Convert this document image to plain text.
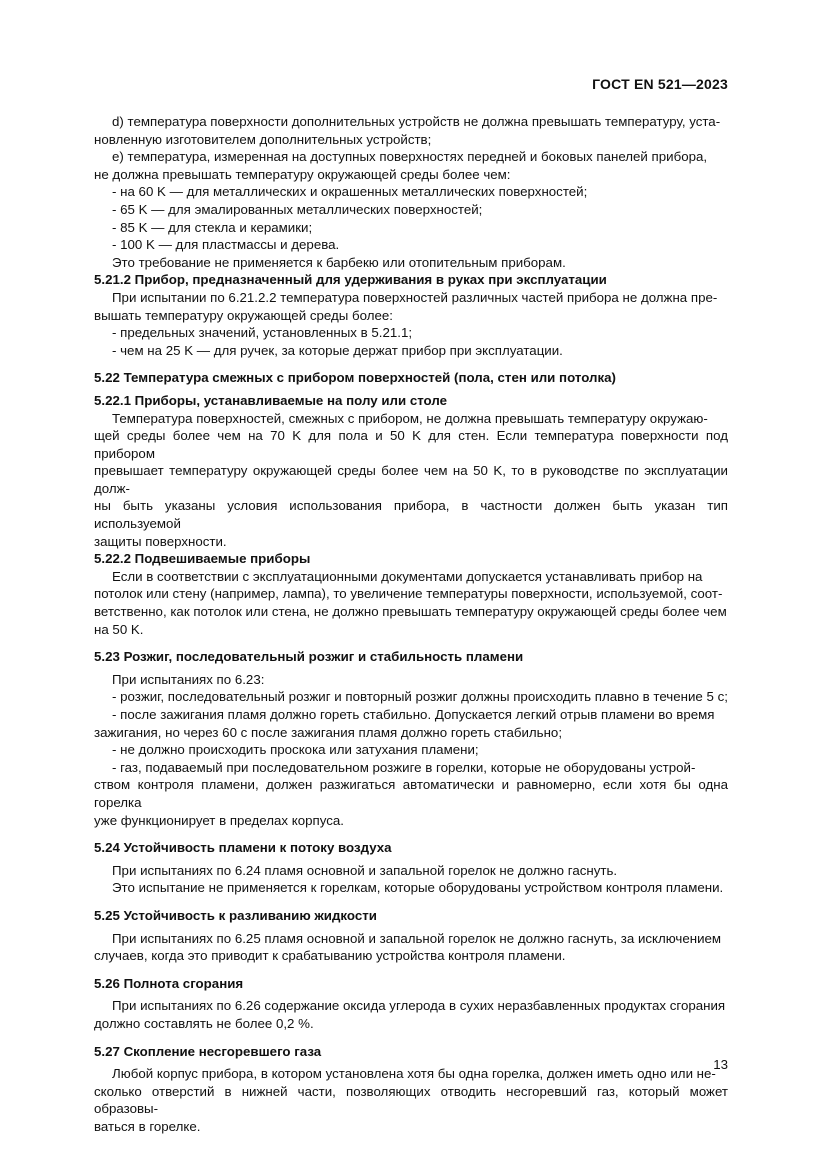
ГОСТ EN 521—2023

d) температура поверхности дополнительных устройств не должна превышать температуру, уста-

новленную изготовителем дополнительных устройств;

е) температура, измеренная на доступных поверхностях передней и боковых панелей прибора,

не должна превышать температуру окружающей среды более чем:

- на 60 K — для металлических и окрашенных металлических поверхностей;

- 65 K — для эмалированных металлических поверхностей;

- 85 K — для стекла и керамики;

- 100 K — для пластмассы и дерева.

Это требование не применяется к барбекю или отопительным приборам.

5.21.2 Прибор, предназначенный для удерживания в руках при эксплуатации

При испытании по 6.21.2.2 температура поверхностей различных частей прибора не должна пре-

вышать температуру окружающей среды более:

- предельных значений, установленных в 5.21.1;

- чем на 25 K — для ручек, за которые держат прибор при эксплуатации.

5.22 Температура смежных с прибором поверхностей (пола, стен или потолка)

5.22.1 Приборы, устанавливаемые на полу или столе

Температура поверхностей, смежных с прибором, не должна превышать температуру окружаю-

щей среды более чем на 70 K для пола и 50 K для стен. Если температура поверхности под прибором

превышает температуру окружающей среды более чем на 50 K, то в руководстве по эксплуатации долж-

ны быть указаны условия использования прибора, в частности должен быть указан тип используемой

защиты поверхности.

5.22.2 Подвешиваемые приборы

Если в соответствии с эксплуатационными документами допускается устанавливать прибор на

потолок или стену (например, лампа), то увеличение температуры поверхности, используемой, соот-

ветственно, как потолок или стена, не должно превышать температуру окружающей среды более чем

на 50 K.

5.23 Розжиг, последовательный розжиг и стабильность пламени

При испытаниях по 6.23:

- розжиг, последовательный розжиг и повторный розжиг должны происходить плавно в течение 5 с;

- после зажигания пламя должно гореть стабильно. Допускается легкий отрыв пламени во время

зажигания, но через 60 с после зажигания пламя должно гореть стабильно;

- не должно происходить проскока или затухания пламени;

- газ, подаваемый при последовательном розжиге в горелки, которые не оборудованы устрой-

ством контроля пламени, должен разжигаться автоматически и равномерно, если хотя бы одна горелка

уже функционирует в пределах корпуса.

5.24 Устойчивость пламени к потоку воздуха

При испытаниях по 6.24 пламя основной и запальной горелок не должно гаснуть.

Это испытание не применяется к горелкам, которые оборудованы устройством контроля пламени.

5.25 Устойчивость к разливанию жидкости

При испытаниях по 6.25 пламя основной и запальной горелок не должно гаснуть, за исключением

случаев, когда это приводит к срабатыванию устройства контроля пламени.

5.26 Полнота сгорания

При испытаниях по 6.26 содержание оксида углерода в сухих неразбавленных продуктах сгорания

должно составлять не более 0,2 %.

5.27 Скопление несгоревшего газа

Любой корпус прибора, в котором установлена хотя бы одна горелка, должен иметь одно или не-

сколько отверстий в нижней части, позволяющих отводить несгоревший газ, который может образовы-

ваться в горелке.

13
